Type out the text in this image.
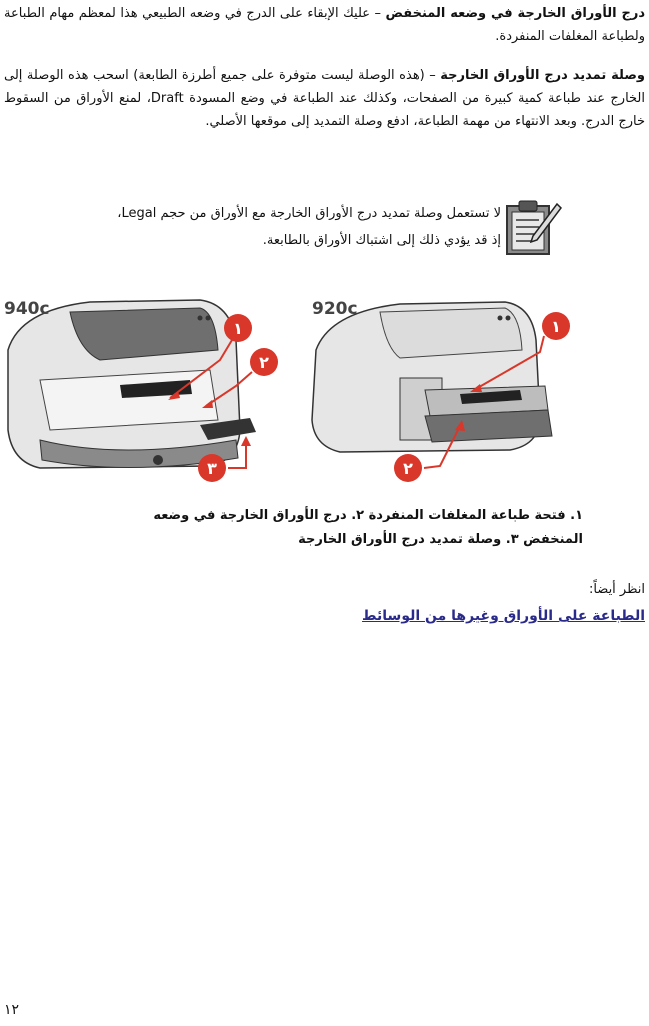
درج الأوراق الخارجة في وضعه المنخفض – عليك الإبقاء على الدرج في وضعه الطبيعي هذا لمعظم مهام الطباعة ولطباعة المغلفات المنفردة.
وصلة تمديد درج الأوراق الخارجة – (هذه الوصلة ليست متوفرة على جميع أطرزة الطابعة) اسحب هذه الوصلة إلى الخارج عند طباعة كمية كبيرة من الصفحات، وكذلك عند الطباعة في وضع المسودة Draft، لمنع الأوراق من السقوط خارج الدرج. وبعد الانتهاء من مهمة الطباعة، ادفع وصلة التمديد إلى موقعها الأصلي.
لا تستعمل وصلة تمديد درج الأوراق الخارجة مع الأوراق من حجم Legal،
إذ قد يؤدي ذلك إلى اشتباك الأوراق بالطابعة.
940c	920c
١
٢
٣
١
٢
١. فتحة طباعة المغلفات المنفردة ٢. درج الأوراق الخارجة في وضعه
المنخفض ٣. وصلة تمديد درج الأوراق الخارجة
انظر أيضاً:
الطباعة على الأوراق وغيرها من الوسائط
١٢
